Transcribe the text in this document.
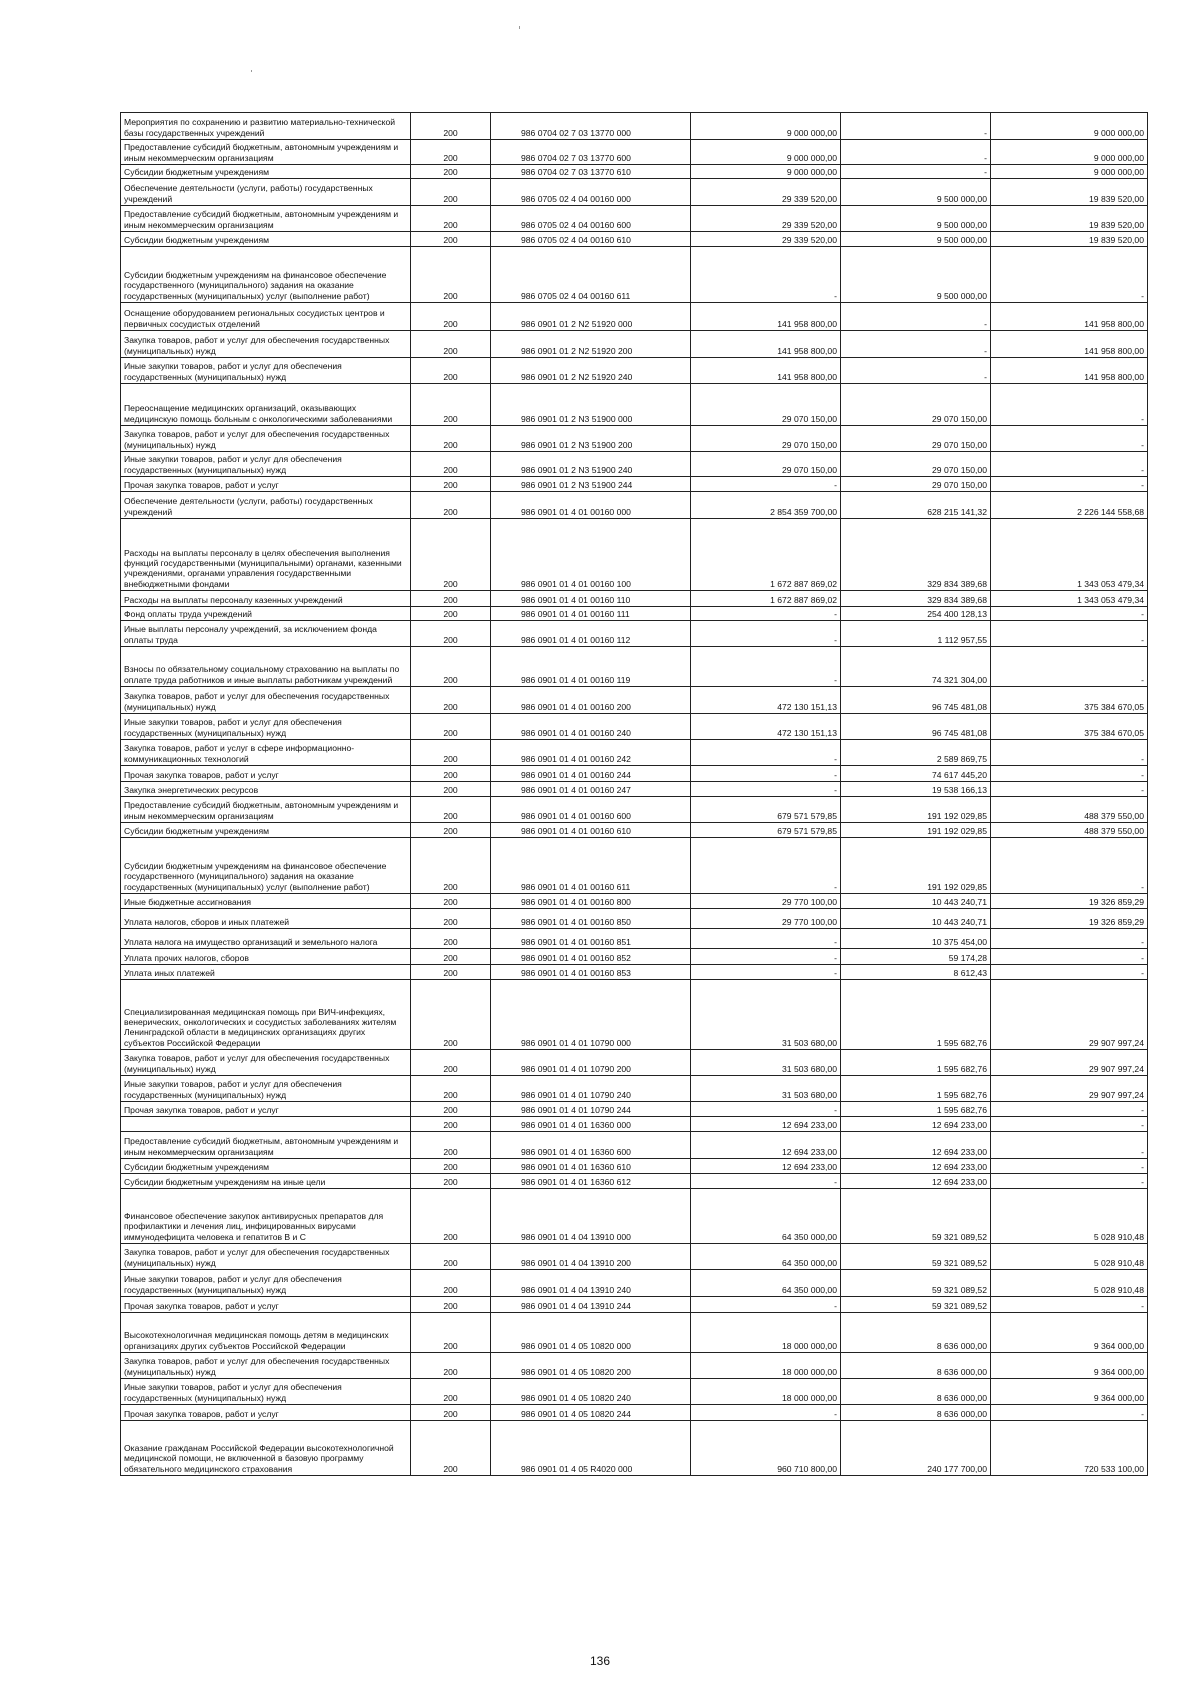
Мероприятия по сохранению и развитию материально-технической базы государственных учреждений	200	986 0704 02 7 03 13770 000	9 000 000,00	-	9 000 000,00
Предоставление субсидий бюджетным, автономным учреждениям и иным некоммерческим организациям	200	986 0704 02 7 03 13770 600	9 000 000,00	-	9 000 000,00
Субсидии бюджетным учреждениям	200	986 0704 02 7 03 13770 610	9 000 000,00	-	9 000 000,00
Обеспечение деятельности (услуги, работы) государственных учреждений	200	986 0705 02 4 04 00160 000	29 339 520,00	9 500 000,00	19 839 520,00
Предоставление субсидий бюджетным, автономным учреждениям и иным некоммерческим организациям	200	986 0705 02 4 04 00160 600	29 339 520,00	9 500 000,00	19 839 520,00
Субсидии бюджетным учреждениям	200	986 0705 02 4 04 00160 610	29 339 520,00	9 500 000,00	19 839 520,00
Субсидии бюджетным учреждениям на финансовое обеспечение государственного (муниципального) задания на оказание государственных (муниципальных) услуг (выполнение работ)	200	986 0705 02 4 04 00160 611	-	9 500 000,00	-
Оснащение оборудованием региональных сосудистых центров и первичных сосудистых отделений	200	986 0901 01 2 N2 51920 000	141 958 800,00	-	141 958 800,00
Закупка товаров, работ и услуг для обеспечения государственных (муниципальных) нужд	200	986 0901 01 2 N2 51920 200	141 958 800,00	-	141 958 800,00
Иные закупки товаров, работ и услуг для обеспечения государственных (муниципальных) нужд	200	986 0901 01 2 N2 51920 240	141 958 800,00	-	141 958 800,00
Переоснащение медицинских организаций, оказывающих медицинскую помощь больным с онкологическими заболеваниями	200	986 0901 01 2 N3 51900 000	29 070 150,00	29 070 150,00	-
Закупка товаров, работ и услуг для обеспечения государственных (муниципальных) нужд	200	986 0901 01 2 N3 51900 200	29 070 150,00	29 070 150,00	-
Иные закупки товаров, работ и услуг для обеспечения государственных (муниципальных) нужд	200	986 0901 01 2 N3 51900 240	29 070 150,00	29 070 150,00	-
Прочая закупка товаров, работ и услуг	200	986 0901 01 2 N3 51900 244	-	29 070 150,00	-
Обеспечение деятельности (услуги, работы) государственных учреждений	200	986 0901 01 4 01 00160 000	2 854 359 700,00	628 215 141,32	2 226 144 558,68
Расходы на выплаты персоналу в целях обеспечения выполнения функций государственными (муниципальными) органами, казенными учреждениями, органами управления государственными внебюджетными фондами	200	986 0901 01 4 01 00160 100	1 672 887 869,02	329 834 389,68	1 343 053 479,34
Расходы на выплаты персоналу казенных учреждений	200	986 0901 01 4 01 00160 110	1 672 887 869,02	329 834 389,68	1 343 053 479,34
Фонд оплаты труда учреждений	200	986 0901 01 4 01 00160 111	-	254 400 128,13	-
Иные выплаты персоналу учреждений, за исключением фонда оплаты труда	200	986 0901 01 4 01 00160 112	-	1 112 957,55	-
Взносы по обязательному социальному страхованию на выплаты по оплате труда работников и иные выплаты работникам учреждений	200	986 0901 01 4 01 00160 119	-	74 321 304,00	-
Закупка товаров, работ и услуг для обеспечения государственных (муниципальных) нужд	200	986 0901 01 4 01 00160 200	472 130 151,13	96 745 481,08	375 384 670,05
Иные закупки товаров, работ и услуг для обеспечения государственных (муниципальных) нужд	200	986 0901 01 4 01 00160 240	472 130 151,13	96 745 481,08	375 384 670,05
Закупка товаров, работ и услуг в сфере информационно-коммуникационных технологий	200	986 0901 01 4 01 00160 242	-	2 589 869,75	-
Прочая закупка товаров, работ и услуг	200	986 0901 01 4 01 00160 244	-	74 617 445,20	-
Закупка энергетических ресурсов	200	986 0901 01 4 01 00160 247	-	19 538 166,13	-
Предоставление субсидий бюджетным, автономным учреждениям и иным некоммерческим организациям	200	986 0901 01 4 01 00160 600	679 571 579,85	191 192 029,85	488 379 550,00
Субсидии бюджетным учреждениям	200	986 0901 01 4 01 00160 610	679 571 579,85	191 192 029,85	488 379 550,00
Субсидии бюджетным учреждениям на финансовое обеспечение государственного (муниципального) задания на оказание государственных (муниципальных) услуг (выполнение работ)	200	986 0901 01 4 01 00160 611	-	191 192 029,85	-
Иные бюджетные ассигнования	200	986 0901 01 4 01 00160 800	29 770 100,00	10 443 240,71	19 326 859,29
Уплата налогов, сборов и иных платежей	200	986 0901 01 4 01 00160 850	29 770 100,00	10 443 240,71	19 326 859,29
Уплата налога на имущество организаций и земельного налога	200	986 0901 01 4 01 00160 851	-	10 375 454,00	-
Уплата прочих налогов, сборов	200	986 0901 01 4 01 00160 852	-	59 174,28	-
Уплата иных платежей	200	986 0901 01 4 01 00160 853	-	8 612,43	-
Специализированная медицинская помощь при ВИЧ-инфекциях, венерических, онкологических и сосудистых заболеваниях жителям Ленинградской области в медицинских организациях других субъектов Российской Федерации	200	986 0901 01 4 01 10790 000	31 503 680,00	1 595 682,76	29 907 997,24
Закупка товаров, работ и услуг для обеспечения государственных (муниципальных) нужд	200	986 0901 01 4 01 10790 200	31 503 680,00	1 595 682,76	29 907 997,24
Иные закупки товаров, работ и услуг для обеспечения государственных (муниципальных) нужд	200	986 0901 01 4 01 10790 240	31 503 680,00	1 595 682,76	29 907 997,24
Прочая закупка товаров, работ и услуг	200	986 0901 01 4 01 10790 244	-	1 595 682,76	-
	200	986 0901 01 4 01 16360 000	12 694 233,00	12 694 233,00	-
Предоставление субсидий бюджетным, автономным учреждениям и иным некоммерческим организациям	200	986 0901 01 4 01 16360 600	12 694 233,00	12 694 233,00	-
Субсидии бюджетным учреждениям	200	986 0901 01 4 01 16360 610	12 694 233,00	12 694 233,00	-
Субсидии бюджетным учреждениям на иные цели	200	986 0901 01 4 01 16360 612	-	12 694 233,00	-
Финансовое обеспечение закупок антивирусных препаратов для профилактики и лечения лиц, инфицированных вирусами иммунодефицита человека и гепатитов В и С	200	986 0901 01 4 04 13910 000	64 350 000,00	59 321 089,52	5 028 910,48
Закупка товаров, работ и услуг для обеспечения государственных (муниципальных) нужд	200	986 0901 01 4 04 13910 200	64 350 000,00	59 321 089,52	5 028 910,48
Иные закупки товаров, работ и услуг для обеспечения государственных (муниципальных) нужд	200	986 0901 01 4 04 13910 240	64 350 000,00	59 321 089,52	5 028 910,48
Прочая закупка товаров, работ и услуг	200	986 0901 01 4 04 13910 244	-	59 321 089,52	-
Высокотехнологичная медицинская помощь детям в медицинских организациях других субъектов Российской Федерации	200	986 0901 01 4 05 10820 000	18 000 000,00	8 636 000,00	9 364 000,00
Закупка товаров, работ и услуг для обеспечения государственных (муниципальных) нужд	200	986 0901 01 4 05 10820 200	18 000 000,00	8 636 000,00	9 364 000,00
Иные закупки товаров, работ и услуг для обеспечения государственных (муниципальных) нужд	200	986 0901 01 4 05 10820 240	18 000 000,00	8 636 000,00	9 364 000,00
Прочая закупка товаров, работ и услуг	200	986 0901 01 4 05 10820 244	-	8 636 000,00	-
Оказание гражданам Российской Федерации высокотехнологичной медицинской помощи, не включенной в базовую программу обязательного медицинского страхования	200	986 0901 01 4 05 R4020 000	960 710 800,00	240 177 700,00	720 533 100,00
136
